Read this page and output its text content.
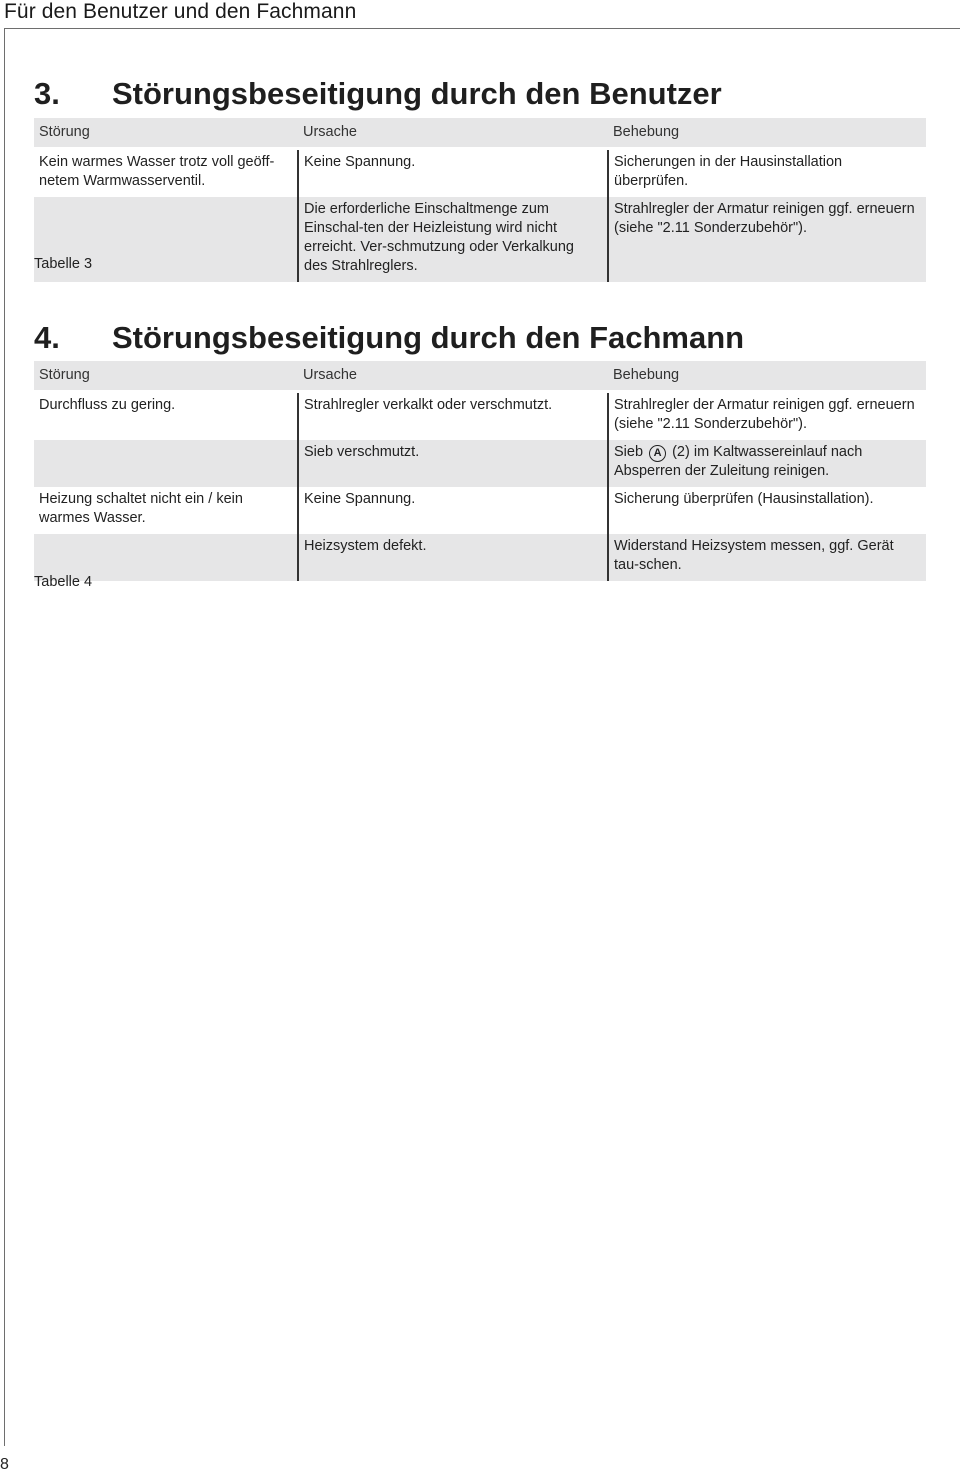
Für den Benutzer und den Fachmann
3. Störungsbeseitigung durch den Benutzer
Störung	Ursache	Behebung
Kein warmes Wasser trotz voll geöff-netem Warmwasserventil.	Keine Spannung.	Sicherungen in der Hausinstallation überprüfen.
	Die erforderliche Einschaltmenge zum Einschal-ten der Heizleistung wird nicht erreicht. Ver-schmutzung oder Verkalkung des Strahlreglers.	Strahlregler der Armatur reinigen ggf. erneuern (siehe "2.11 Sonderzubehör").
Tabelle 3
4. Störungsbeseitigung durch den Fachmann
Störung	Ursache	Behebung
Durchfluss zu gering.	Strahlregler verkalkt oder verschmutzt.	Strahlregler der Armatur reinigen ggf. erneuern (siehe "2.11 Sonderzubehör").
	Sieb verschmutzt.	Sieb A (2) im Kaltwassereinlauf nach Absperren der Zuleitung reinigen.
Heizung schaltet nicht ein / kein warmes Wasser.	Keine Spannung.	Sicherung überprüfen (Hausinstallation).
	Heizsystem defekt.	Widerstand Heizsystem messen, ggf. Gerät tau-schen.
Tabelle 4
8
